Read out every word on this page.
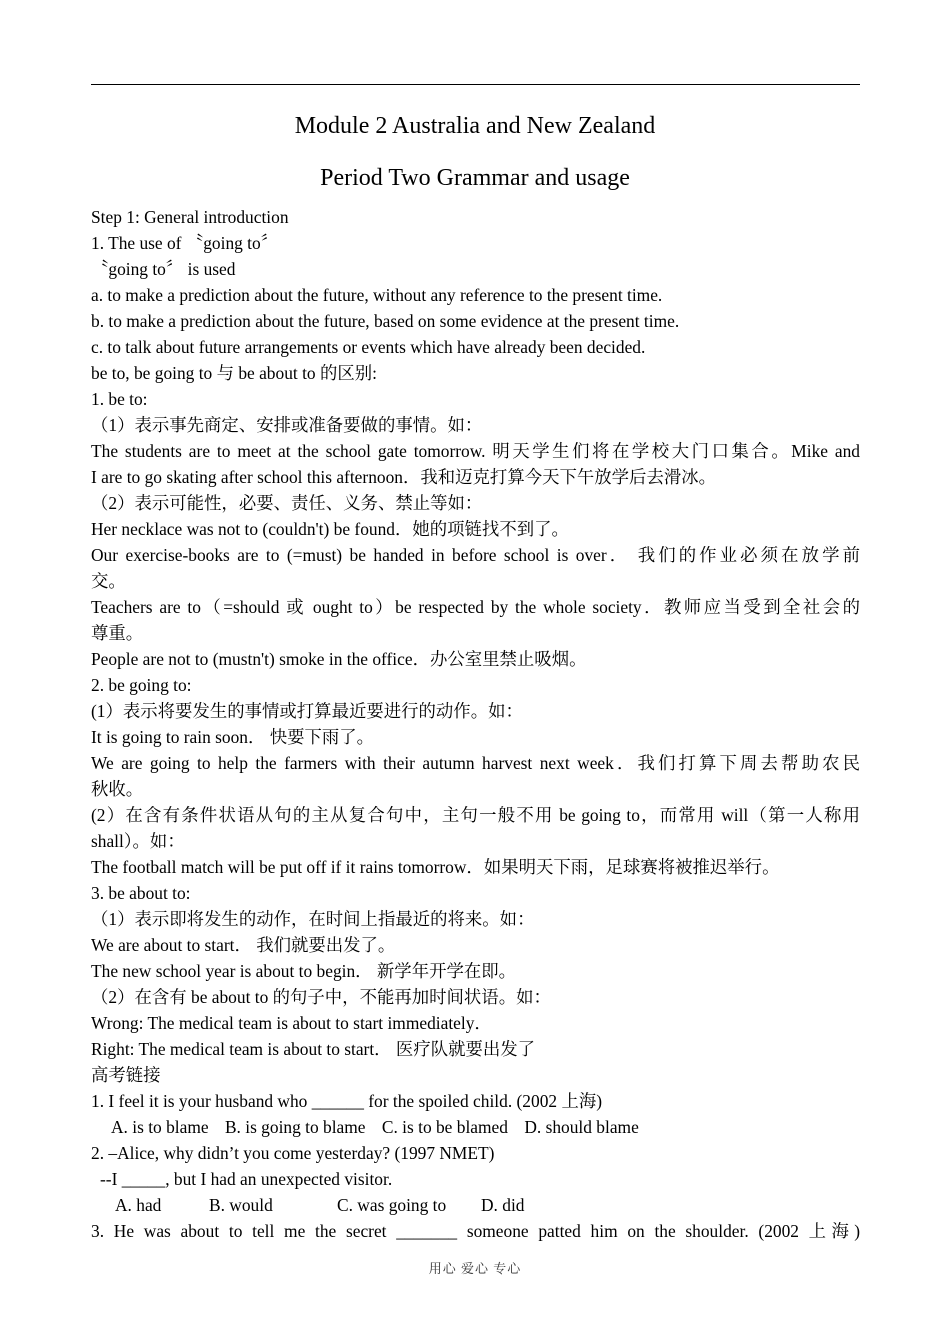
Module 2 Australia and New Zealand
Period Two Grammar and usage
Step 1: General introduction
1. The use of 〝going to〞
〝going to〞 is used
a. to make a prediction about the future, without any reference to the present time.
b. to make a prediction about the future, based on some evidence at the present time.
c. to talk about future arrangements or events which have already been decided.
be to, be going to 与 be about to 的区别:
1. be to:
（1）表示事先商定、安排或准备要做的事情。如：
The students are to meet at the school gate tomorrow. 明天学生们将在学校大门口集合。Mike and
I are to go skating after school this afternoon．我和迈克打算今天下午放学后去滑冰。
（2）表示可能性，必要、责任、义务、禁止等如：
Her necklace was not to (couldn't) be found．她的项链找不到了。
Our exercise-books are to (=must) be handed in before school is over． 我们的作业必须在放学前
交。
Teachers are to（=should 或 ought to）be respected by the whole society．教师应当受到全社会的
尊重。
People are not to (mustn't) smoke in the office．办公室里禁止吸烟。
2. be going to:
(1）表示将要发生的事情或打算最近要进行的动作。如：
It is going to rain soon． 快要下雨了。
We are going to help the farmers with their autumn harvest next week．我们打算下周去帮助农民
秋收。
(2）在含有条件状语从句的主从复合句中，主句一般不用 be going to，而常用 will（第一人称用
shall）。如：
The football match will be put off if it rains tomorrow．如果明天下雨，足球赛将被推迟举行。
3. be about to:
（1）表示即将发生的动作，在时间上指最近的将来。如：
We are about to start． 我们就要出发了。
The new school year is about to begin． 新学年开学在即。
（2）在含有 be about to 的句子中，不能再加时间状语。如：
Wrong: The medical team is about to start immediately．
Right: The medical team is about to start． 医疗队就要出发了
高考链接
1. I feel it is your husband who ______ for the spoiled child. (2002 上海)
A. is to blame B. is going to blame C. is to be blamed D. should blame
2. –Alice, why didn’t you come yesterday? (1997 NMET)
--I _____, but I had an unexpected visitor.
A. had	B. would	C. was going to D. did
3. He was about to tell me the secret _______ someone patted him on the shoulder. (2002 上海)
用心 爱心 专心
